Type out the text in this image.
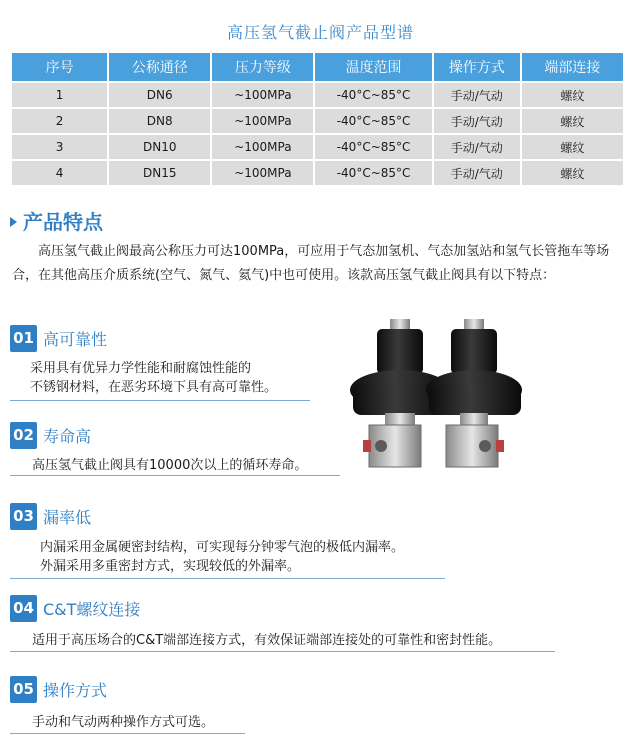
高压氢气截止阀产品型谱
序号	公称通径	压力等级	温度范围	操作方式	端部连接
1	DN6	~100MPa	-40°C~85°C	手动/气动	螺纹
2	DN8	~100MPa	-40°C~85°C	手动/气动	螺纹
3	DN10	~100MPa	-40°C~85°C	手动/气动	螺纹
4	DN15	~100MPa	-40°C~85°C	手动/气动	螺纹
产品特点
高压氢气截止阀最高公称压力可达100MPa，可应用于气态加氢机、气态加氢站和氢气长管拖车等场合，在其他高压介质系统(空气、氮气、氦气)中也可使用。该款高压氢气截止阀具有以下特点：
01 高可靠性
采用具有优异力学性能和耐腐蚀性能的
不锈钢材料，在恶劣环境下具有高可靠性。
02 寿命高
高压氢气截止阀具有10000次以上的循环寿命。
03 漏率低
内漏采用金属硬密封结构，可实现每分钟零气泡的极低内漏率。
外漏采用多重密封方式，实现较低的外漏率。
04 C&T螺纹连接
适用于高压场合的C&T端部连接方式，有效保证端部连接处的可靠性和密封性能。
05 操作方式
手动和气动两种操作方式可选。
